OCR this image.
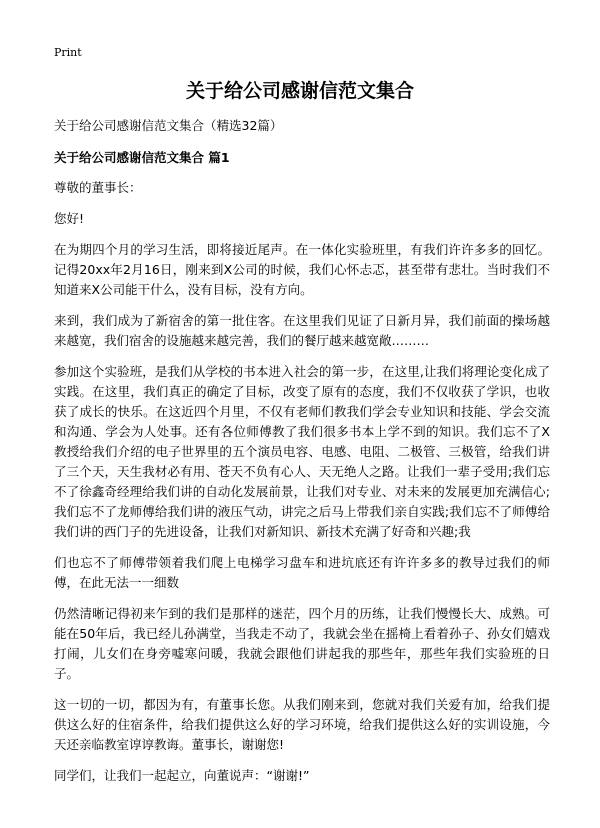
Print
关于给公司感谢信范文集合

关于给公司感谢信范文集合（精选32篇）

关于给公司感谢信范文集合 篇1

尊敬的董事长：

您好!

在为期四个月的学习生活，即将接近尾声。在一体化实验班里，有我们许许多多的回忆。记得20xx年2月16日，刚来到X公司的时候，我们心怀忐忑，甚至带有悲壮。当时我们不知道来X公司能干什么，没有目标，没有方向。

来到，我们成为了新宿舍的第一批住客。在这里我们见证了日新月异，我们前面的操场越来越宽，我们宿舍的设施越来越完善，我们的餐厅越来越宽敞………

参加这个实验班，是我们从学校的书本进入社会的第一步，在这里,让我们将理论变化成了实践。在这里，我们真正的确定了目标，改变了原有的态度，我们不仅收获了学识，也收获了成长的快乐。在这近四个月里，不仅有老师们教我们学会专业知识和技能、学会交流和沟通、学会为人处事。还有各位师傅教了我们很多书本上学不到的知识。我们忘不了X教授给我们介绍的电子世界里的五个演员电容、电感、电阻、二极管、三极管，给我们讲了三个天，天生我材必有用、苍天不负有心人、天无绝人之路。让我们一辈子受用;我们忘不了徐鑫奇经理给我们讲的自动化发展前景，让我们对专业、对未来的发展更加充满信心;我们忘不了龙师傅给我们讲的液压气动，讲完之后马上带我们亲自实践;我们忘不了师傅给我们讲的西门子的先进设备，让我们对新知识、新技术充满了好奇和兴趣;我

们也忘不了师傅带领着我们爬上电梯学习盘车和进坑底还有许许多多的教导过我们的师傅，在此无法一一细数

仍然清晰记得初来乍到的我们是那样的迷茫，四个月的历练，让我们慢慢长大、成熟。可能在50年后，我已经儿孙满堂，当我走不动了，我就会坐在摇椅上看着孙子、孙女们嬉戏打闹，儿女们在身旁嘘寒问暖，我就会跟他们讲起我的那些年，那些年我们实验班的日子。

这一切的一切，都因为有，有董事长您。从我们刚来到，您就对我们关爱有加，给我们提供这么好的住宿条件，给我们提供这么好的学习环境，给我们提供这么好的实训设施，今天还亲临教室谆谆教诲。董事长，谢谢您!

同学们，让我们一起起立，向董说声：“谢谢!”
